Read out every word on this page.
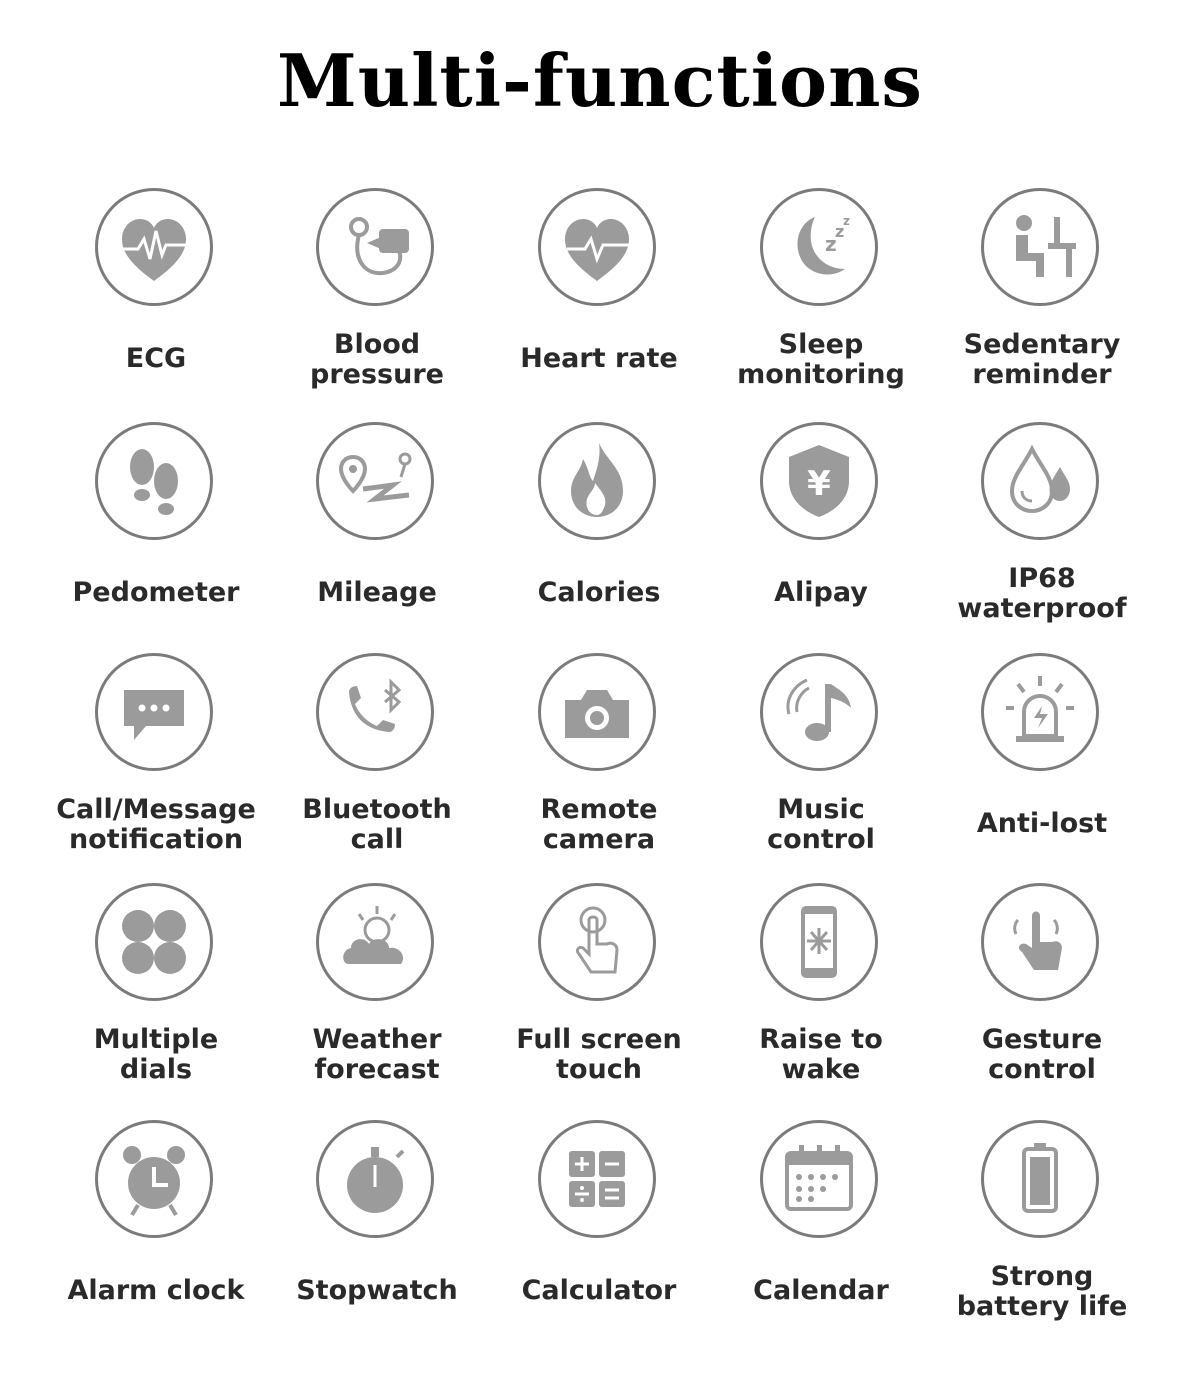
Multi-functions
ECG	Blood
pressure
Heart rate
z
z
z
Sleep
monitoring
Sedentary
reminder
Pedometer	Mileage	Calories
¥
Alipay	IP68
waterproof
Call/Message
notification
Bluetooth
call
Remote
camera
Music
control
Anti-lost
Multiple
dials
Weather
forecast
Full screen
touch
Raise to
wake
Gesture
control
Alarm clock	Stopwatch	Calculator	Calendar	Strong
battery life
